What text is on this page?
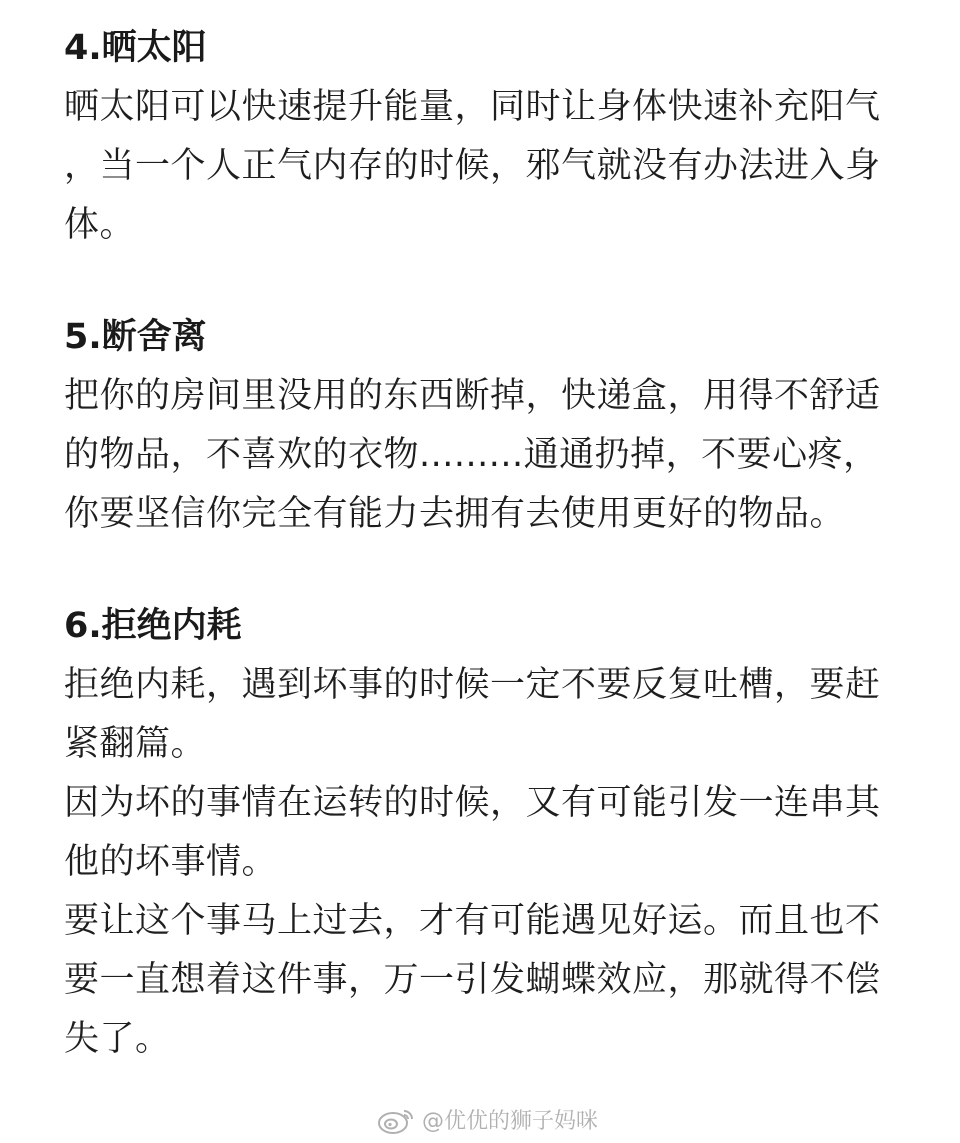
4.晒太阳

晒太阳可以快速提升能量，同时让身体快速补充阳气，当一个人正气内存的时候，邪气就没有办法进入身体。

5.断舍离

把你的房间里没用的东西断掉，快递盒，用得不舒适的物品，不喜欢的衣物.........通通扔掉，不要心疼，你要坚信你完全有能力去拥有去使用更好的物品。

6.拒绝内耗

拒绝内耗，遇到坏事的时候一定不要反复吐槽，要赶紧翻篇。

因为坏的事情在运转的时候，又有可能引发一连串其他的坏事情。

要让这个事马上过去，才有可能遇见好运。而且也不要一直想着这件事，万一引发蝴蝶效应，那就得不偿失了。

@优优的狮子妈咪
